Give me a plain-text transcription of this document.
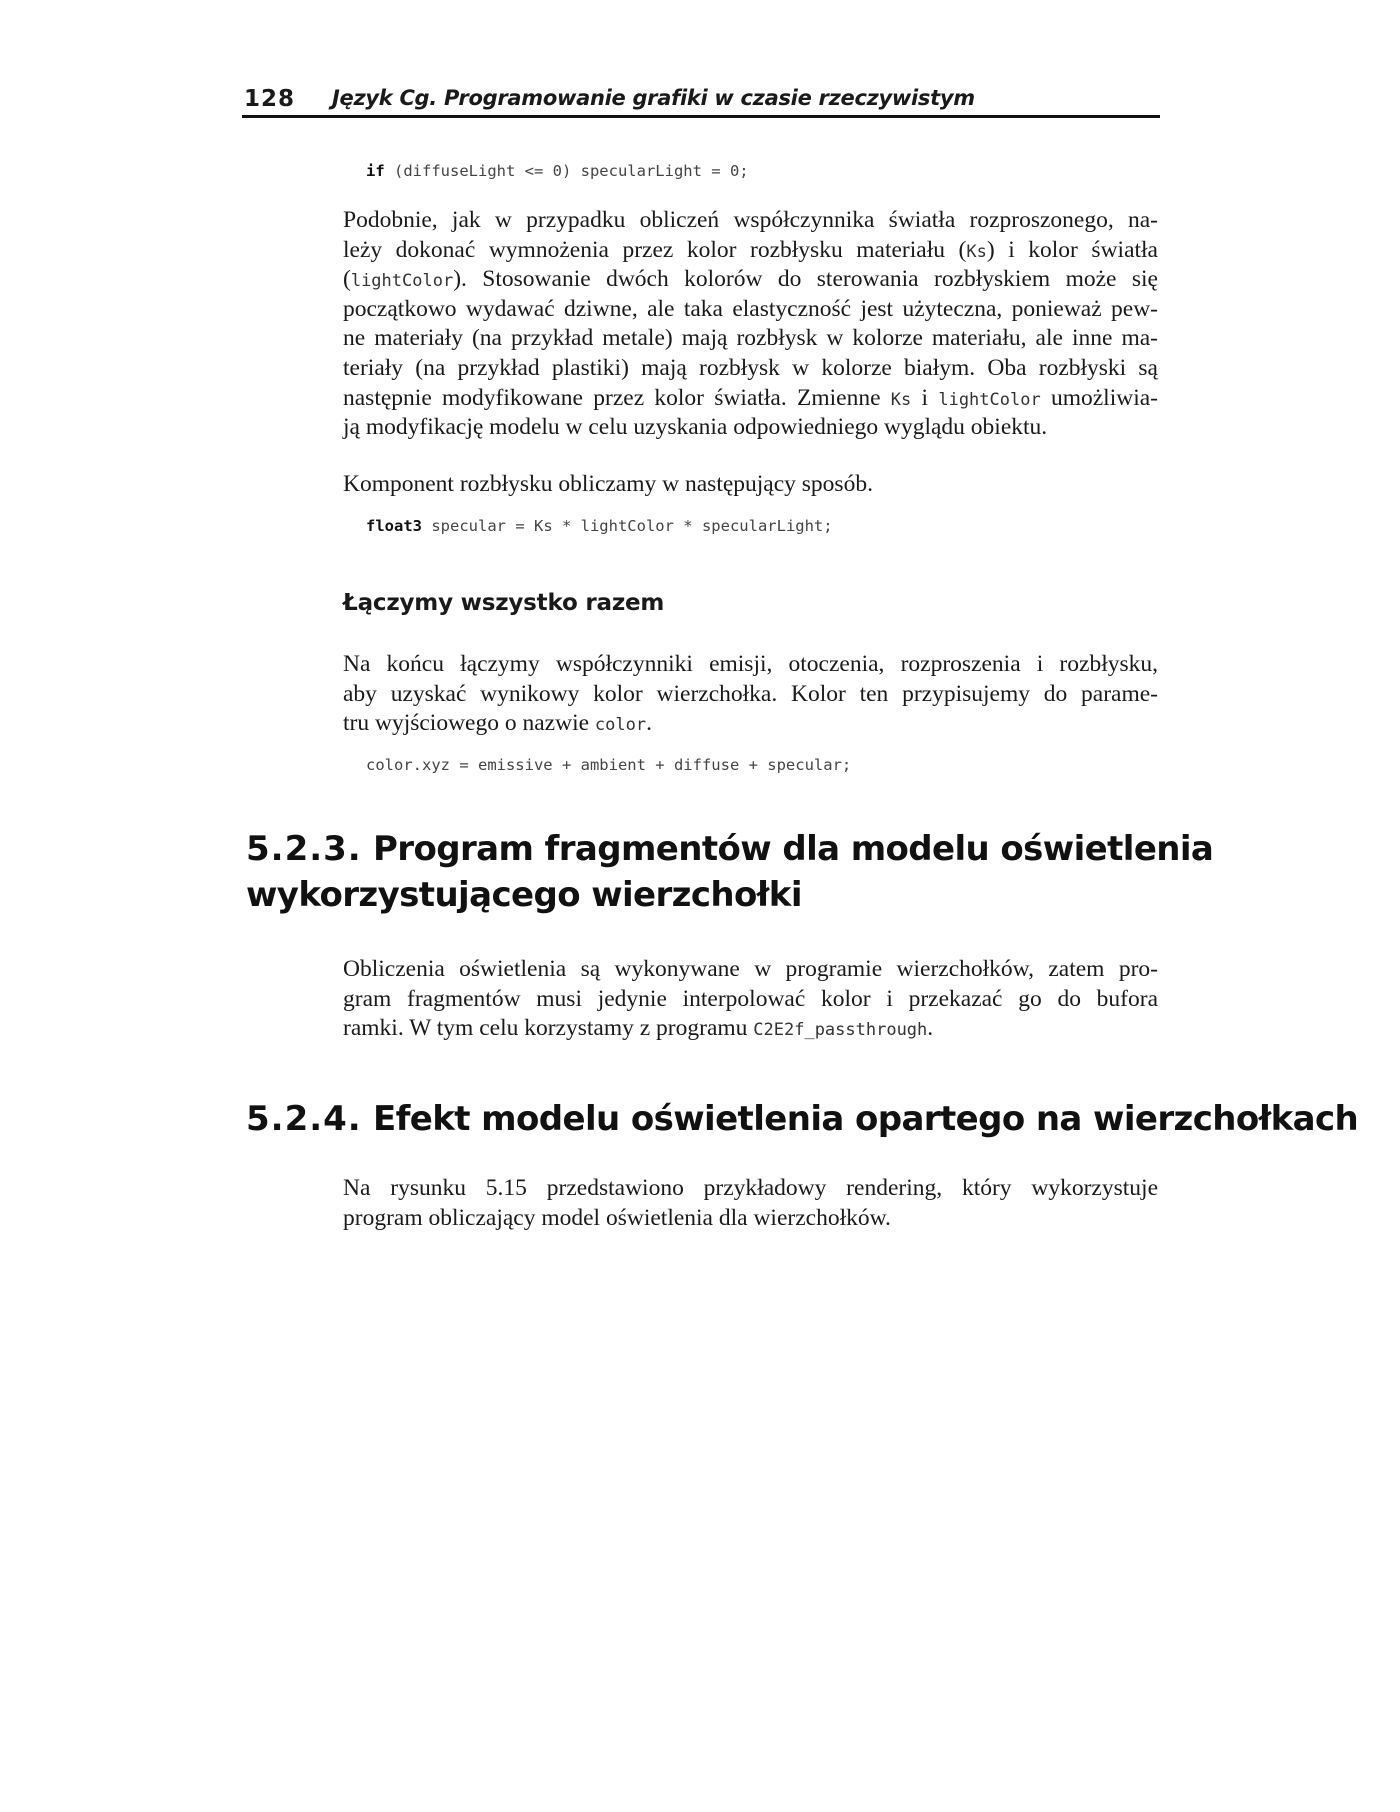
128 Język Cg. Programowanie grafiki w czasie rzeczywistym
if (diffuseLight <= 0) specularLight = 0;
Podobnie, jak w przypadku obliczeń współczynnika światła rozproszonego, na-
leży dokonać wymnożenia przez kolor rozbłysku materiału (Ks) i kolor światła
(lightColor). Stosowanie dwóch kolorów do sterowania rozbłyskiem może się
początkowo wydawać dziwne, ale taka elastyczność jest użyteczna, ponieważ pew-
ne materiały (na przykład metale) mają rozbłysk w kolorze materiału, ale inne ma-
teriały (na przykład plastiki) mają rozbłysk w kolorze białym. Oba rozbłyski są
następnie modyfikowane przez kolor światła. Zmienne Ks i lightColor umożliwia-
ją modyfikację modelu w celu uzyskania odpowiedniego wyglądu obiektu.
Komponent rozbłysku obliczamy w następujący sposób.
float3 specular = Ks * lightColor * specularLight;
Łączymy wszystko razem
Na końcu łączymy współczynniki emisji, otoczenia, rozproszenia i rozbłysku,
aby uzyskać wynikowy kolor wierzchołka. Kolor ten przypisujemy do parame-
tru wyjściowego o nazwie color.
color.xyz = emissive + ambient + diffuse + specular;
5.2.3. Program fragmentów dla modelu oświetlenia
wykorzystującego wierzchołki
Obliczenia oświetlenia są wykonywane w programie wierzchołków, zatem pro-
gram fragmentów musi jedynie interpolować kolor i przekazać go do bufora
ramki. W tym celu korzystamy z programu C2E2f_passthrough.
5.2.4. Efekt modelu oświetlenia opartego na wierzchołkach
Na rysunku 5.15 przedstawiono przykładowy rendering, który wykorzystuje
program obliczający model oświetlenia dla wierzchołków.
